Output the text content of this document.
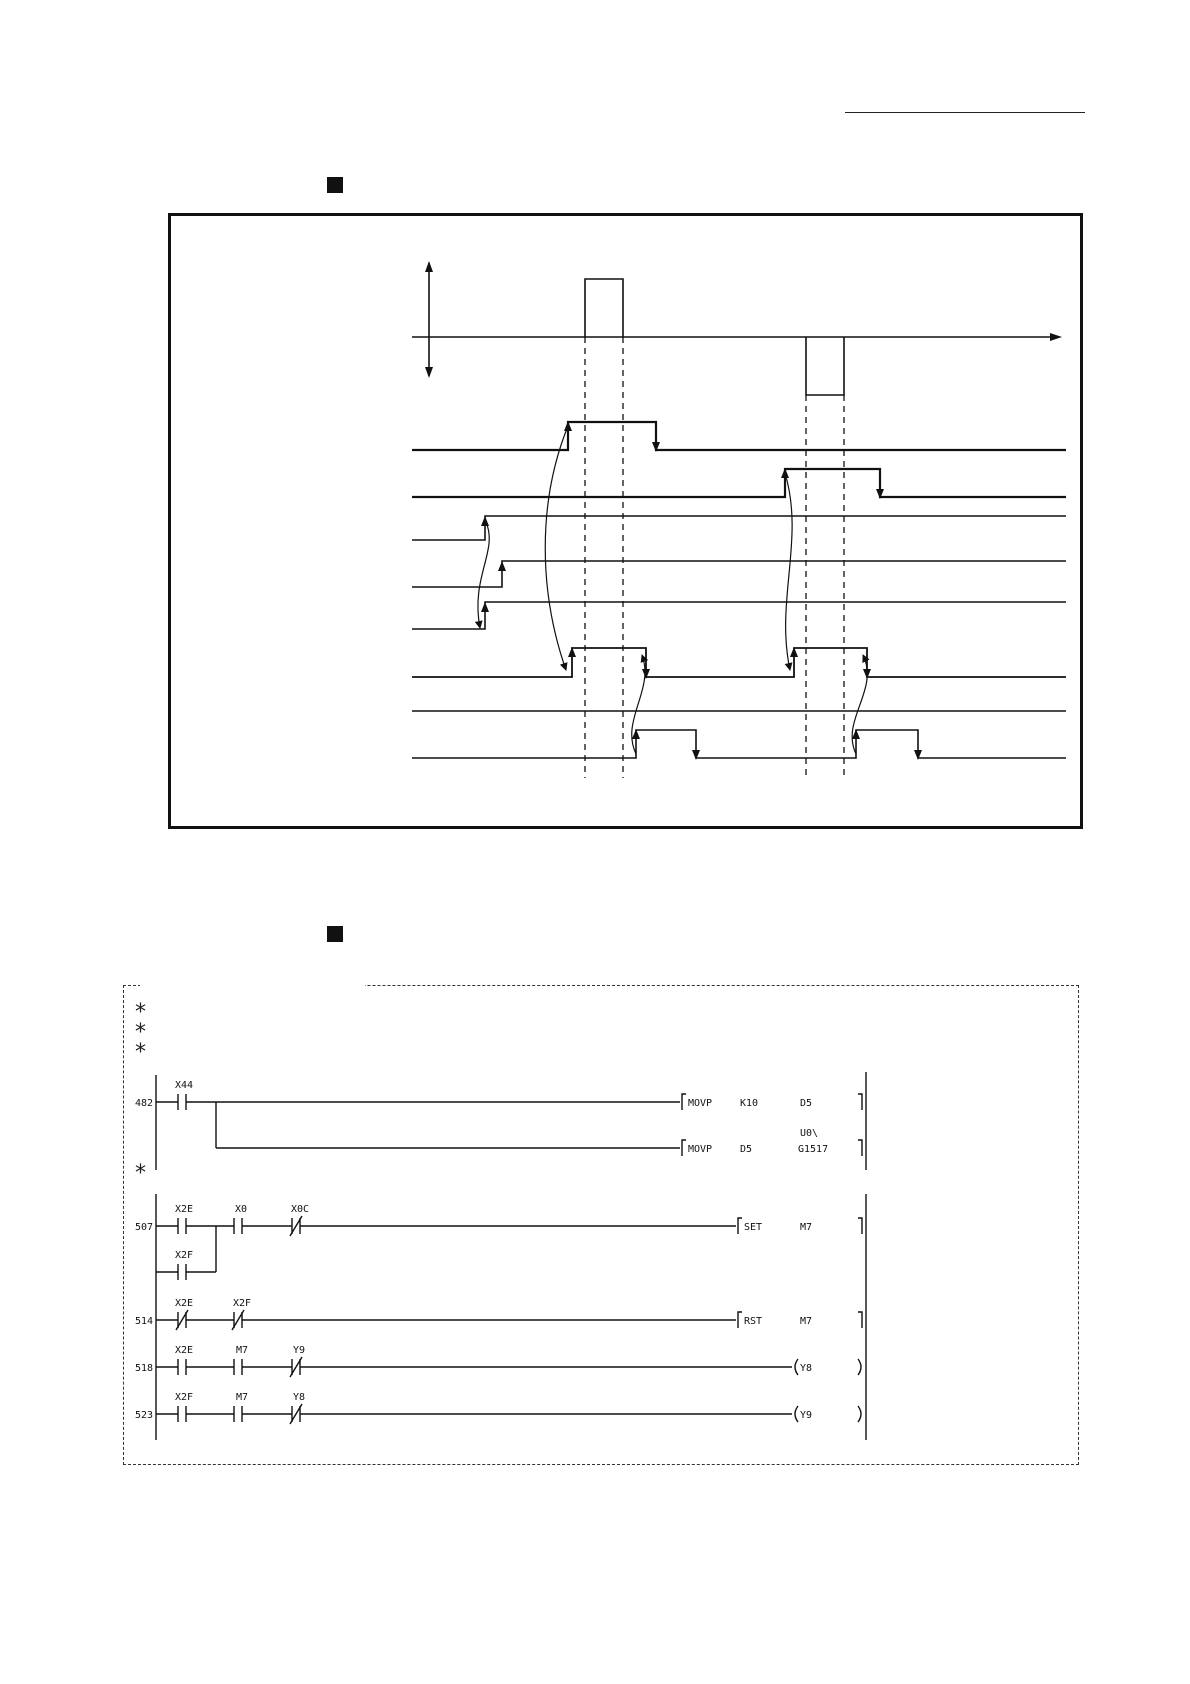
*
*
*
*
482
507
514
518
523
X44
MOVP	K10	D5
MOVP	D5
U0\
G1517
X2E	X0	X0C
X2F
SET	M7
X2E	X2F
RST	M7
X2E	M7	Y9
Y8
X2F	M7	Y8
Y9
